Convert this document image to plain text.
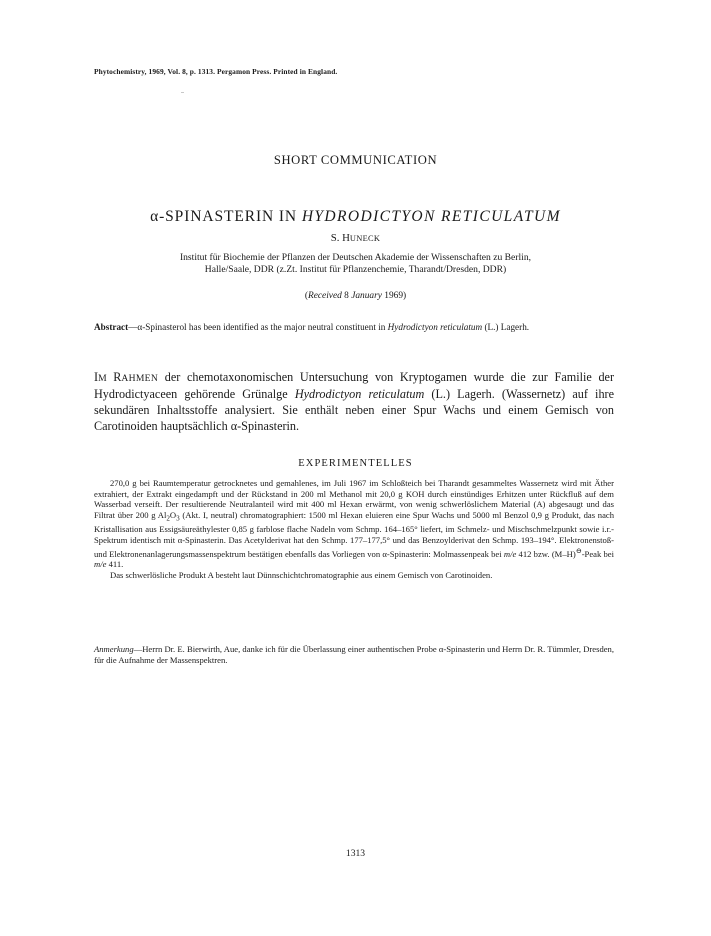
Phytochemistry, 1969, Vol. 8, p. 1313. Pergamon Press. Printed in England.
SHORT COMMUNICATION
α-SPINASTERIN IN HYDRODICTYON RETICULATUM
S. HUNECK
Institut für Biochemie der Pflanzen der Deutschen Akademie der Wissenschaften zu Berlin,
Halle/Saale, DDR (z.Zt. Institut für Pflanzenchemie, Tharandt/Dresden, DDR)
(Received 8 January 1969)
Abstract—α-Spinasterol has been identified as the major neutral constituent in Hydrodictyon reticulatum (L.) Lagerh.
IM RAHMEN der chemotaxonomischen Untersuchung von Kryptogamen wurde die zur Familie der Hydrodictyaceen gehörende Grünalge Hydrodictyon reticulatum (L.) Lagerh. (Wassernetz) auf ihre sekundären Inhaltsstoffe analysiert. Sie enthält neben einer Spur Wachs und einem Gemisch von Carotinoiden hauptsächlich α-Spinasterin.
EXPERIMENTELLES

270,0 g bei Raumtemperatur getrocknetes und gemahlenes, im Juli 1967 im Schloßteich bei Tharandt gesammeltes Wassernetz wird mit Äther extrahiert, der Extrakt eingedampft und der Rückstand in 200 ml Methanol mit 20,0 g KOH durch einstündiges Erhitzen unter Rückfluß auf dem Wasserbad verseift. Der resultierende Neutralanteil wird mit 400 ml Hexan erwärmt, von wenig schwerlöslichem Material (A) abgesaugt und das Filtrat über 200 g $Al_2O_3$ (Akt. I, neutral) chromatographiert: 1500 ml Hexan eluieren eine Spur Wachs und 5000 ml Benzol 0,9 g Produkt, das nach Kristallisation aus Essigsäureäthylester 0,85 g farblose flache Nadeln vom Schmp. 164–165° liefert, im Schmelz- und Mischschmelzpunkt sowie i.r.-Spektrum identisch mit α-Spinasterin. Das Acetylderivat hat den Schmp. 177–177,5° und das Benzoylderivat den Schmp. 193–194°. Elektronenstoß- und Elektronenanlagerungsmassenspektrum bestätigen ebenfalls das Vorliegen von α-Spinasterin: Molmassenpeak bei m/e 412 bzw. (M–H)⊖-Peak bei m/e 411.

Das schwerlösliche Produkt A besteht laut Dünnschichtchromatographie aus einem Gemisch von Carotinoiden.

Anmerkung—Herrn Dr. E. Bierwirth, Aue, danke ich für die Überlassung einer authentischen Probe α-Spinasterin und Herrn Dr. R. Tümmler, Dresden, für die Aufnahme der Massenspektren.
1313
